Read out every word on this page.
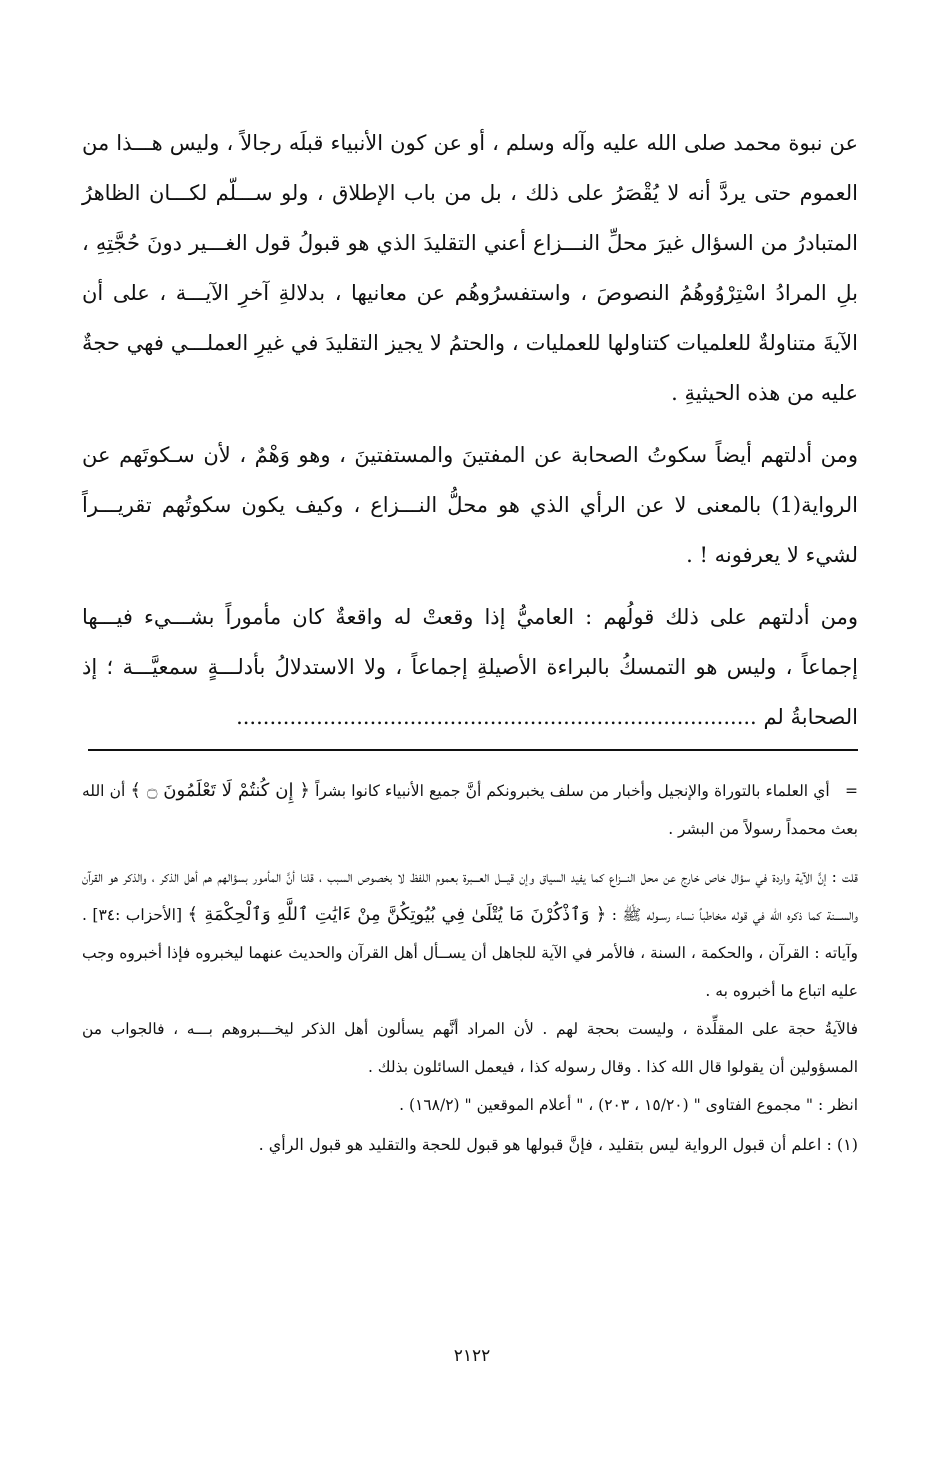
عن نبوة محمد صلى الله عليه وآله وسلم ، أو عن كون الأنبياء قبلَه رجالاً ، وليس هـــذا من العموم حتى يردَّ أنه لا يُقْصَرُ على ذلك ، بل من باب الإطلاق ، ولو ســـلّم لكـــان الظاهرُ المتبادرُ من السؤال غيرَ محلِّ النـــزاع أعني التقليدَ الذي هو قبولُ قول الغـــير دونَ حُجَّتِهِ ، بلِ المرادُ اسْتِرْوُوهُمُ النصوصَ ، واستفسرُوهُم عن معانيها ، بدلالةِ آخرِ الآيـــة ، على أن الآيةَ متناولةٌ للعلميات كتناولها للعمليات ، والحتمُ لا يجيز التقليدَ في غيرِ العملـــي فهي حجةٌ عليه من هذه الحيثيةِ .

ومن أدلتهم أيضاً سكوتُ الصحابة عن المفتينَ والمستفتينَ ، وهو وَهْمٌ ، لأن سـكوتَهم عن الرواية(1) بالمعنى لا عن الرأي الذي هو محلُّ النـــزاع ، وكيف يكون سكوتُهم تقريـــراً لشيء لا يعرفونه ! .

ومن أدلتهم على ذلك قولُهم : العاميُّ إذا وقعتْ له واقعةٌ كان مأموراً بشـــيء فيـــها إجماعاً ، وليس هو التمسكُ بالبراءة الأصيلةِ إجماعاً ، ولا الاستدلالُ بأدلـــةٍ سمعيَّـــة ؛ إذ الصحابةُ لم ..............................................................................

=   أي العلماء بالتوراة والإنجيل وأخبار من سلف يخبرونكم أنَّ جميع الأنبياء كانوا بشراً ﴿ إِن كُنتُمْ لَا تَعْلَمُونَ ۝ ﴾ أن الله بعث محمداً رسولاً من البشر .

قلت : إنَّ الآية واردة في سؤال خاص خارج عن محل النـــزاع كما يفيد السياق وإن قيـــل العـــبرة بعموم اللفظ لا بخصوص السبب ، قلنا أنَّ المأمور بسؤالهم هم أهل الذكر ، والذكر هو القرآن والســـنة كما ذكره الله في قوله مخاطباً نساء رسـوله ﷺ : ﴿ وَٱذْكُرْنَ مَا يُتْلَىٰ فِي بُيُوتِكُنَّ مِنْ ءَايَٰتِ ٱللَّهِ وَٱلْحِكْمَةِ ﴾ [الأحزاب :٣٤] . وآياته : القرآن ، والحكمة ، السنة ، فالأمر في الآية للجاهل أن يســأل أهل القرآن والحديث عنهما ليخبروه فإذا أخبروه وجب عليه اتباع ما أخبروه به .

فالآيةُ حجة على المقلِّدة ، وليست بحجة لهم . لأن المراد أنَّهم يسألون أهل الذكر ليخـــبروهم بـــه ، فالجواب من المسؤولين أن يقولوا قال الله كذا . وقال رسوله كذا ، فيعمل السائلون بذلك .

انظر : " مجموع الفتاوى " (١٥/٢٠ ، ٢٠٣) ، " أعلام الموقعين " (١٦٨/٢) .

(١) : اعلم أن قبول الرواية ليس بتقليد ، فإنَّ قبولها هو قبول للحجة والتقليد هو قبول الرأي .

٢١٢٢
